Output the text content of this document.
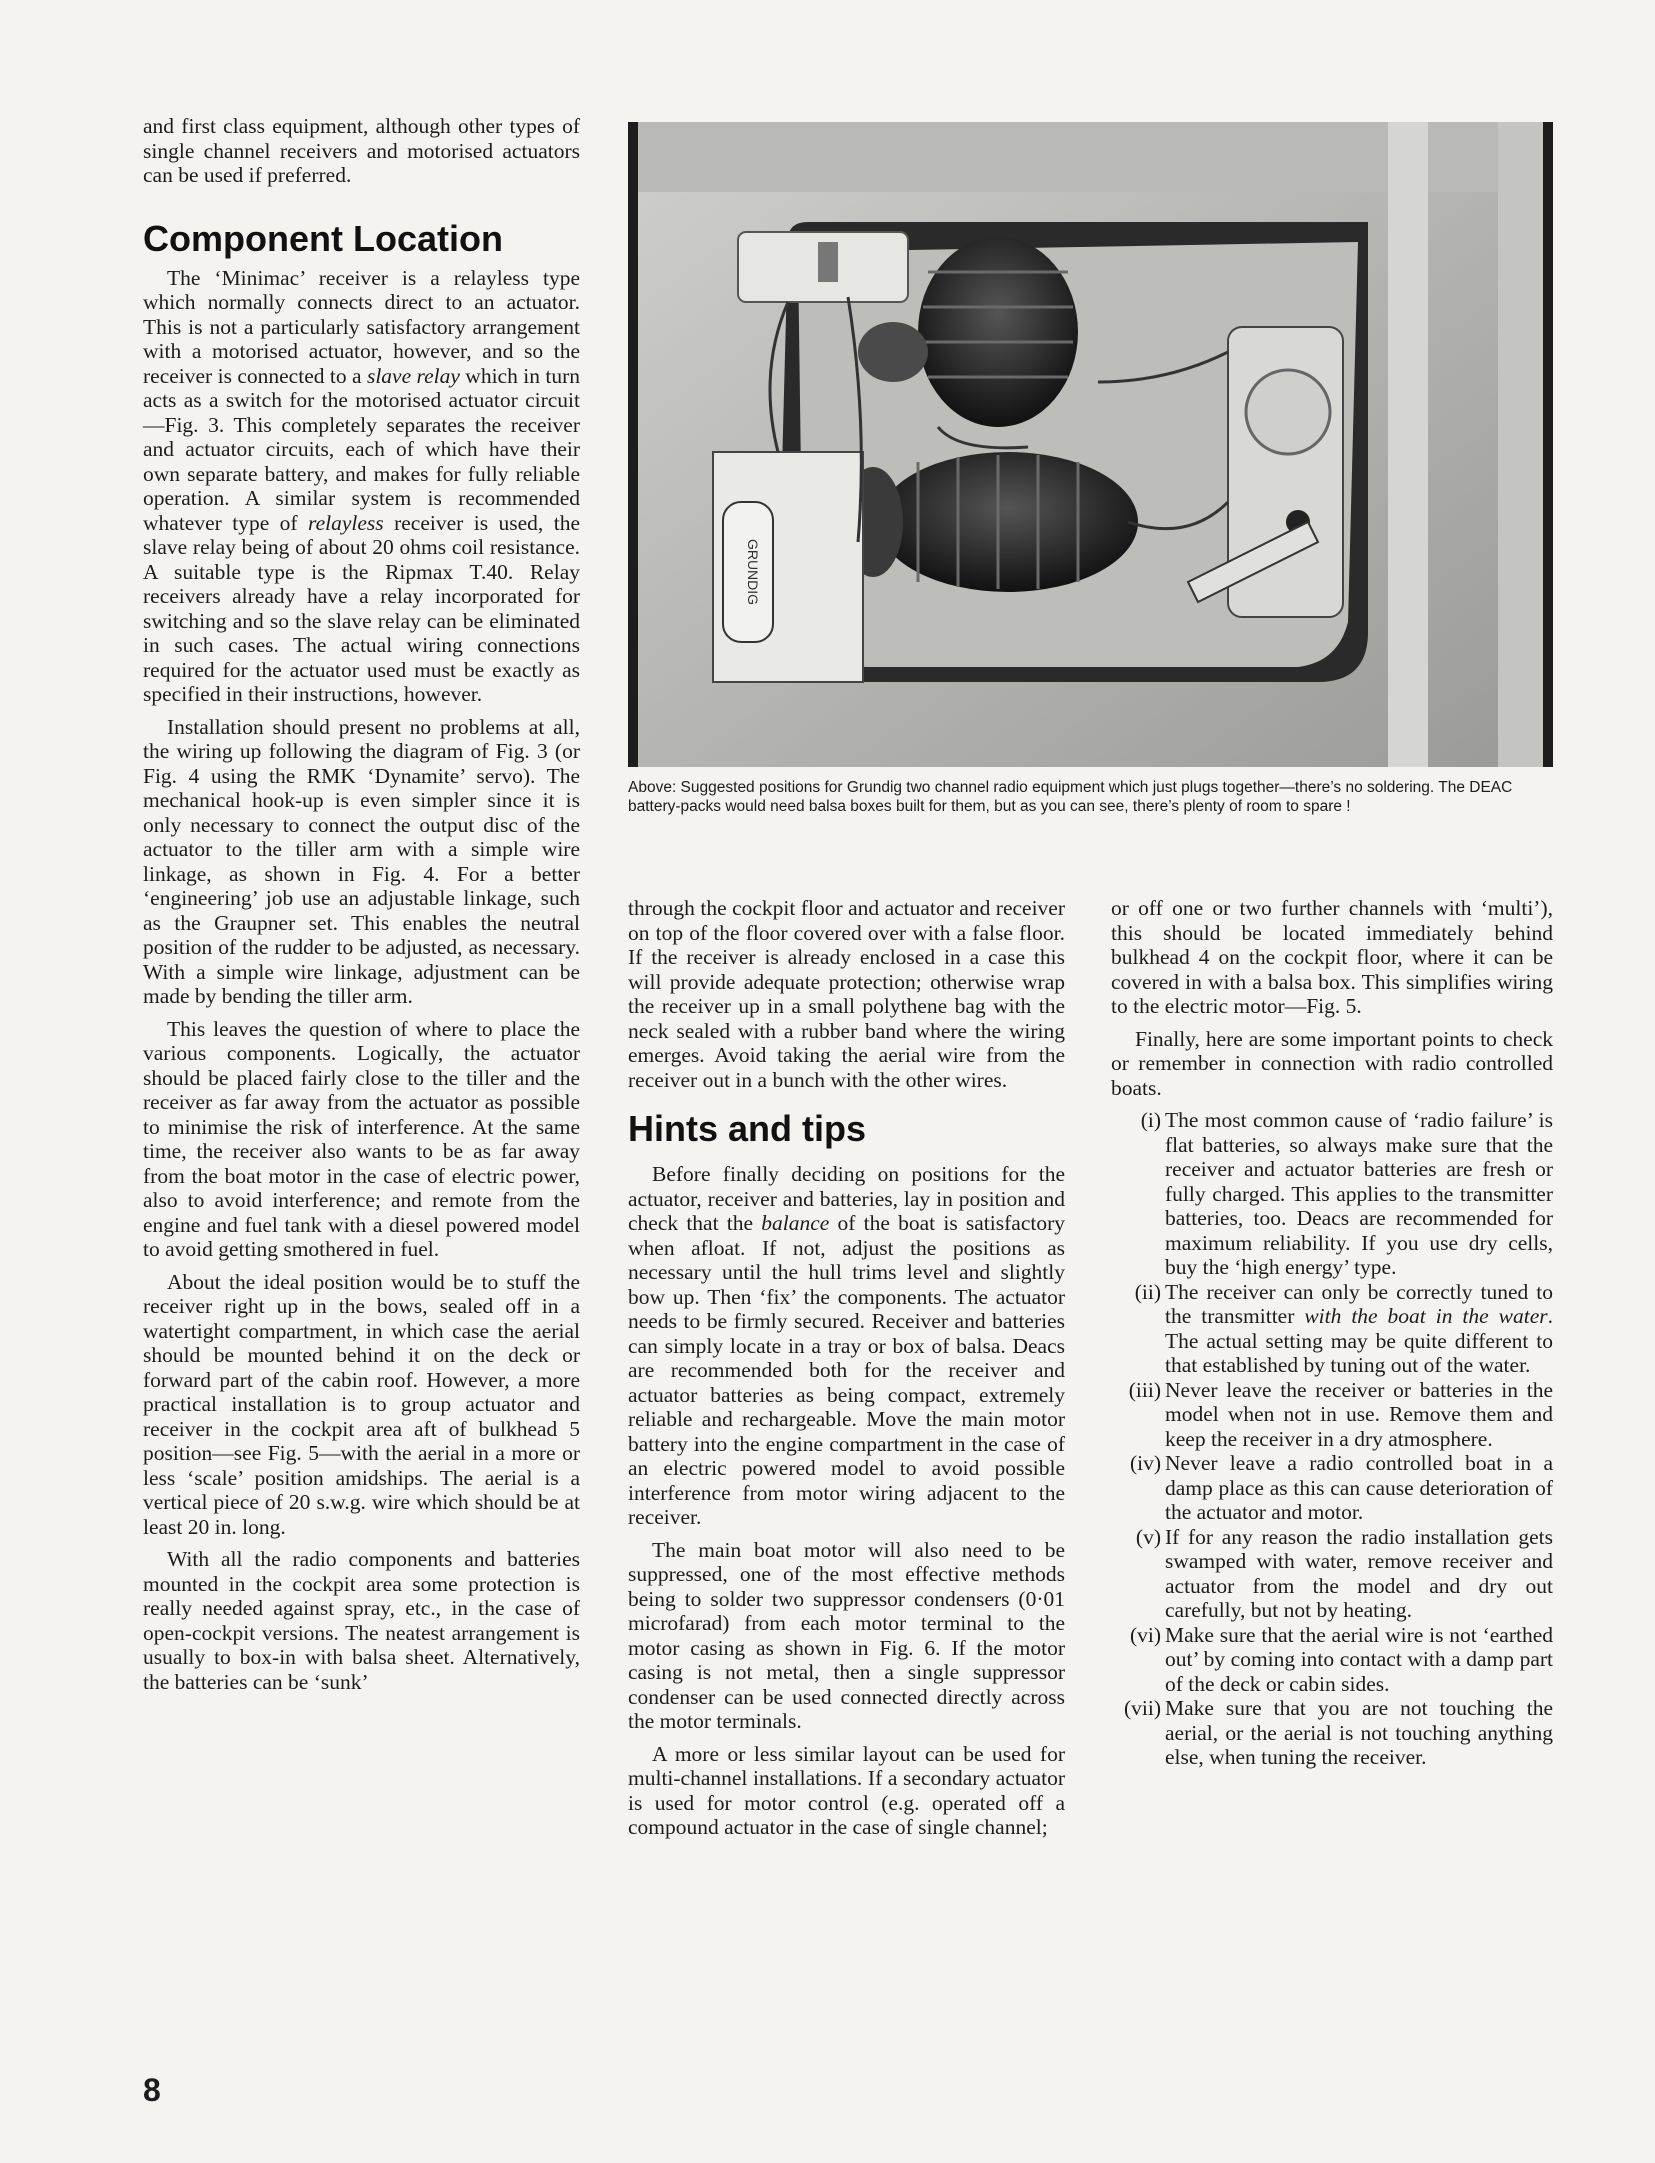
and first class equipment, although other types of single channel receivers and motorised actuators can be used if preferred.

Component Location

The ‘Minimac’ receiver is a relayless type which normally connects direct to an actuator. This is not a particularly satisfactory arrangement with a motorised actuator, however, and so the receiver is connected to a slave relay which in turn acts as a switch for the motorised actuator circuit—Fig. 3. This completely separates the receiver and actuator circuits, each of which have their own separate battery, and makes for fully reliable operation. A similar system is recommended whatever type of relayless receiver is used, the slave relay being of about 20 ohms coil resistance. A suitable type is the Ripmax T.40. Relay receivers already have a relay incorporated for switching and so the slave relay can be eliminated in such cases. The actual wiring connections required for the actuator used must be exactly as specified in their instructions, however.

Installation should present no problems at all, the wiring up following the diagram of Fig. 3 (or Fig. 4 using the RMK ‘Dynamite’ servo). The mechanical hook-up is even simpler since it is only necessary to connect the output disc of the actuator to the tiller arm with a simple wire linkage, as shown in Fig. 4. For a better ‘engineering’ job use an adjustable linkage, such as the Graupner set. This enables the neutral position of the rudder to be adjusted, as necessary. With a simple wire linkage, adjustment can be made by bending the tiller arm.

This leaves the question of where to place the various components. Logically, the actuator should be placed fairly close to the tiller and the receiver as far away from the actuator as possible to minimise the risk of interference. At the same time, the receiver also wants to be as far away from the boat motor in the case of electric power, also to avoid interference; and remote from the engine and fuel tank with a diesel powered model to avoid getting smothered in fuel.

About the ideal position would be to stuff the receiver right up in the bows, sealed off in a watertight compartment, in which case the aerial should be mounted behind it on the deck or forward part of the cabin roof. However, a more practical installation is to group actuator and receiver in the cockpit area aft of bulkhead 5 position—see Fig. 5—with the aerial in a more or less ‘scale’ position amidships. The aerial is a vertical piece of 20 s.w.g. wire which should be at least 20 in. long.

With all the radio components and batteries mounted in the cockpit area some protection is really needed against spray, etc., in the case of open-cockpit versions. The neatest arrangement is usually to box-in with balsa sheet. Alternatively, the batteries can be ‘sunk’

GRUNDIG
Above: Suggested positions for Grundig two channel radio equipment which just plugs together—there’s no soldering. The DEAC battery-packs would need balsa boxes built for them, but as you can see, there’s plenty of room to spare !

through the cockpit floor and actuator and receiver on top of the floor covered over with a false floor. If the receiver is already enclosed in a case this will provide adequate protection; otherwise wrap the receiver up in a small polythene bag with the neck sealed with a rubber band where the wiring emerges. Avoid taking the aerial wire from the receiver out in a bunch with the other wires.

Hints and tips

Before finally deciding on positions for the actuator, receiver and batteries, lay in position and check that the balance of the boat is satisfactory when afloat. If not, adjust the positions as necessary until the hull trims level and slightly bow up. Then ‘fix’ the components. The actuator needs to be firmly secured. Receiver and batteries can simply locate in a tray or box of balsa. Deacs are recommended both for the receiver and actuator batteries as being compact, extremely reliable and rechargeable. Move the main motor battery into the engine compartment in the case of an electric powered model to avoid possible interference from motor wiring adjacent to the receiver.

The main boat motor will also need to be suppressed, one of the most effective methods being to solder two suppressor condensers (0·01 microfarad) from each motor terminal to the motor casing as shown in Fig. 6. If the motor casing is not metal, then a single suppressor condenser can be used connected directly across the motor terminals.

A more or less similar layout can be used for multi-channel installations. If a secondary actuator is used for motor control (e.g. operated off a compound actuator in the case of single channel;

or off one or two further channels with ‘multi’), this should be located immediately behind bulkhead 4 on the cockpit floor, where it can be covered in with a balsa box. This simplifies wiring to the electric motor—Fig. 5.

Finally, here are some important points to check or remember in connection with radio controlled boats.

(i) The most common cause of ‘radio failure’ is flat batteries, so always make sure that the receiver and actuator batteries are fresh or fully charged. This applies to the transmitter batteries, too. Deacs are recommended for maximum reliability. If you use dry cells, buy the ‘high energy’ type.
(ii) The receiver can only be correctly tuned to the transmitter with the boat in the water. The actual setting may be quite different to that established by tuning out of the water.
(iii) Never leave the receiver or batteries in the model when not in use. Remove them and keep the receiver in a dry atmosphere.
(iv) Never leave a radio controlled boat in a damp place as this can cause deterioration of the actuator and motor.
(v) If for any reason the radio installation gets swamped with water, remove receiver and actuator from the model and dry out carefully, but not by heating.
(vi) Make sure that the aerial wire is not ‘earthed out’ by coming into contact with a damp part of the deck or cabin sides.
(vii) Make sure that you are not touching the aerial, or the aerial is not touching anything else, when tuning the receiver.
8
